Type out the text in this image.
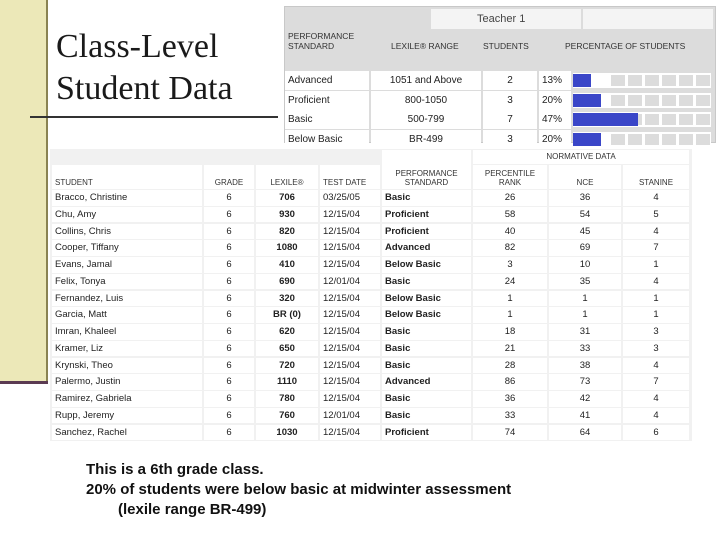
Class-Level Student Data
Teacher 1
PERFORMANCE STANDARD	LEXILE® RANGE	STUDENTS	PERCENTAGE OF STUDENTS
Advanced	1051 and Above	2	13%
Proficient	800-1050	3	20%
Basic	500-799	7	47%
Below Basic	BR-499	3	20%
NORMATIVE DATA
STUDENT	GRADE	LEXILE®	TEST DATE
PERFORMANCE STANDARD
PERCENTILE RANK	NCE	STANINE
Bracco, Christine	6	706	03/25/05	Basic	26	36	4
Chu, Amy	6	930	12/15/04	Proficient	58	54	5
Collins, Chris	6	820	12/15/04	Proficient	40	45	4
Cooper, Tiffany	6	1080	12/15/04	Advanced	82	69	7
Evans, Jamal	6	410	12/15/04	Below Basic	3	10	1
Felix, Tonya	6	690	12/01/04	Basic	24	35	4
Fernandez, Luis	6	320	12/15/04	Below Basic	1	1	1
Garcia, Matt	6	BR (0)	12/15/04	Below Basic	1	1	1
Imran, Khaleel	6	620	12/15/04	Basic	18	31	3
Kramer, Liz	6	650	12/15/04	Basic	21	33	3
Krynski, Theo	6	720	12/15/04	Basic	28	38	4
Palermo, Justin	6	1110	12/15/04	Advanced	86	73	7
Ramirez, Gabriela	6	780	12/15/04	Basic	36	42	4
Rupp, Jeremy	6	760	12/01/04	Basic	33	41	4
Sanchez, Rachel	6	1030	12/15/04	Proficient	74	64	6
This is a 6th grade class.
20% of students were below basic at midwinter assessment
(lexile range BR-499)
